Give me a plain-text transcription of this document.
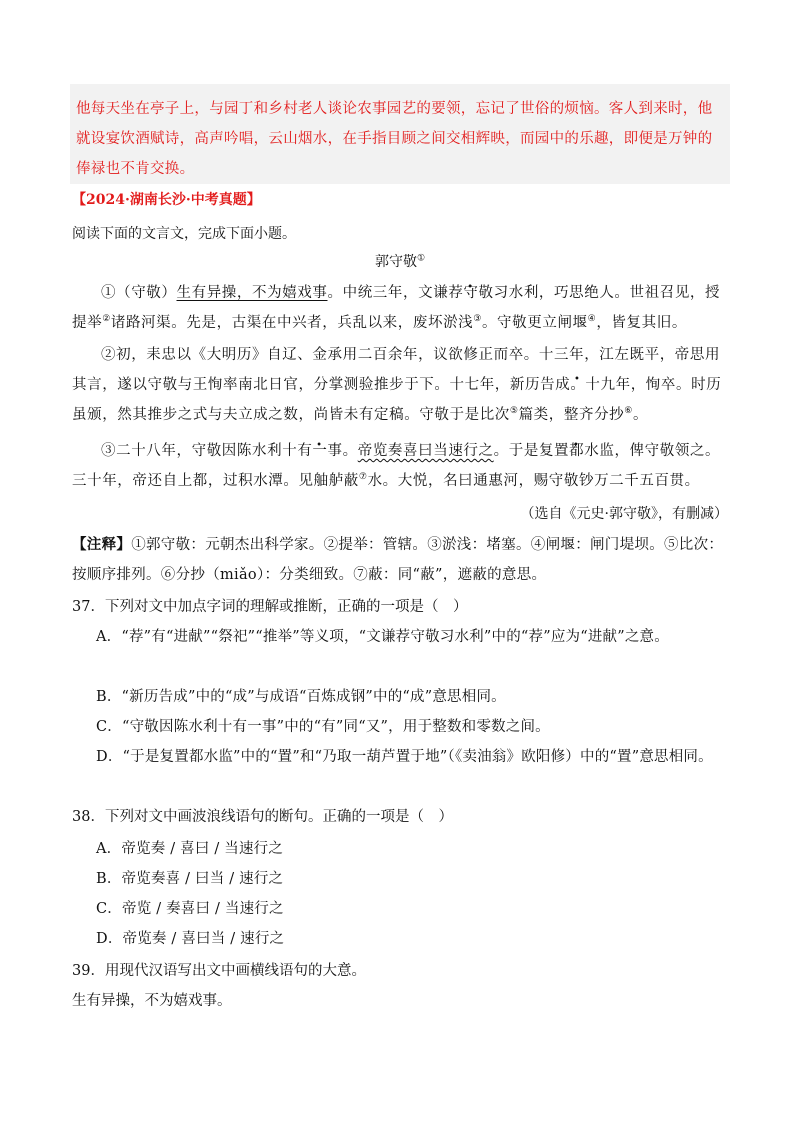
他每天坐在亭子上，与园丁和乡村老人谈论农事园艺的要领，忘记了世俗的烦恼。客人到来时，他就设宴饮酒赋诗，高声吟唱，云山烟水，在手指目顾之间交相辉映，而园中的乐趣，即便是万钟的俸禄也不肯交换。

【2024·湖南长沙·中考真题】
阅读下面的文言文，完成下面小题。
郭守敬①
①（守敬）生有异操，不为嬉戏事。中统三年，文谦荐守敬习水利，巧思绝人。世祖召见，授提举②诸路河渠。先是，古渠在中兴者，兵乱以来，废坏淤浅③。守敬更立闸堰④，皆复其旧。
②初，耒忠以《大明历》自辽、金承用二百余年，议欲修正而卒。十三年，江左既平，帝思用其言，遂以守敬与王恂率南北日官，分掌测验推步于下。十七年，新历告成。十九年，恂卒。时历虽颁，然其推步之式与夫立成之数，尚皆未有定稿。守敬于是比次⑤篇类，整齐分抄⑥。
③二十八年，守敬因陈水利十有一事。帝览奏喜曰当速行之。于是复置都水监，俾守敬领之。三十年，帝还自上都，过积水潭。见舳舻蔽⑦水。大悦，名曰通惠河，赐守敬钞万二千五百贯。
（选自《元史·郭守敬》，有删减）
【注释】①郭守敬：元朝杰出科学家。②提举：管辖。③淤浅：堵塞。④闸堰：闸门堤坝。⑤比次：按顺序排列。⑥分抄（miǎo）：分类细致。⑦蔽：同“蔽”，遮蔽的意思。
37．下列对文中加点字词的理解或推断，正确的一项是（　）
A．“荐”有“进献”“祭祀”“推举”等义项，“文谦荐守敬习水利”中的“荐”应为“进献”之意。
B．“新历告成”中的“成”与成语“百炼成钢”中的“成”意思相同。
C．“守敬因陈水利十有一事”中的“有”同“又”，用于整数和零数之间。
D．“于是复置都水监”中的“置”和“乃取一葫芦置于地”（《卖油翁》欧阳修）中的“置”意思相同。
38．下列对文中画波浪线语句的断句。正确的一项是（　）
A．帝览奏 / 喜曰 / 当速行之
B．帝览奏喜 / 曰当 / 速行之
C．帝览 / 奏喜曰 / 当速行之
D．帝览奏 / 喜曰当 / 速行之
39．用现代汉语写出文中画横线语句的大意。
生有异操，不为嬉戏事。
